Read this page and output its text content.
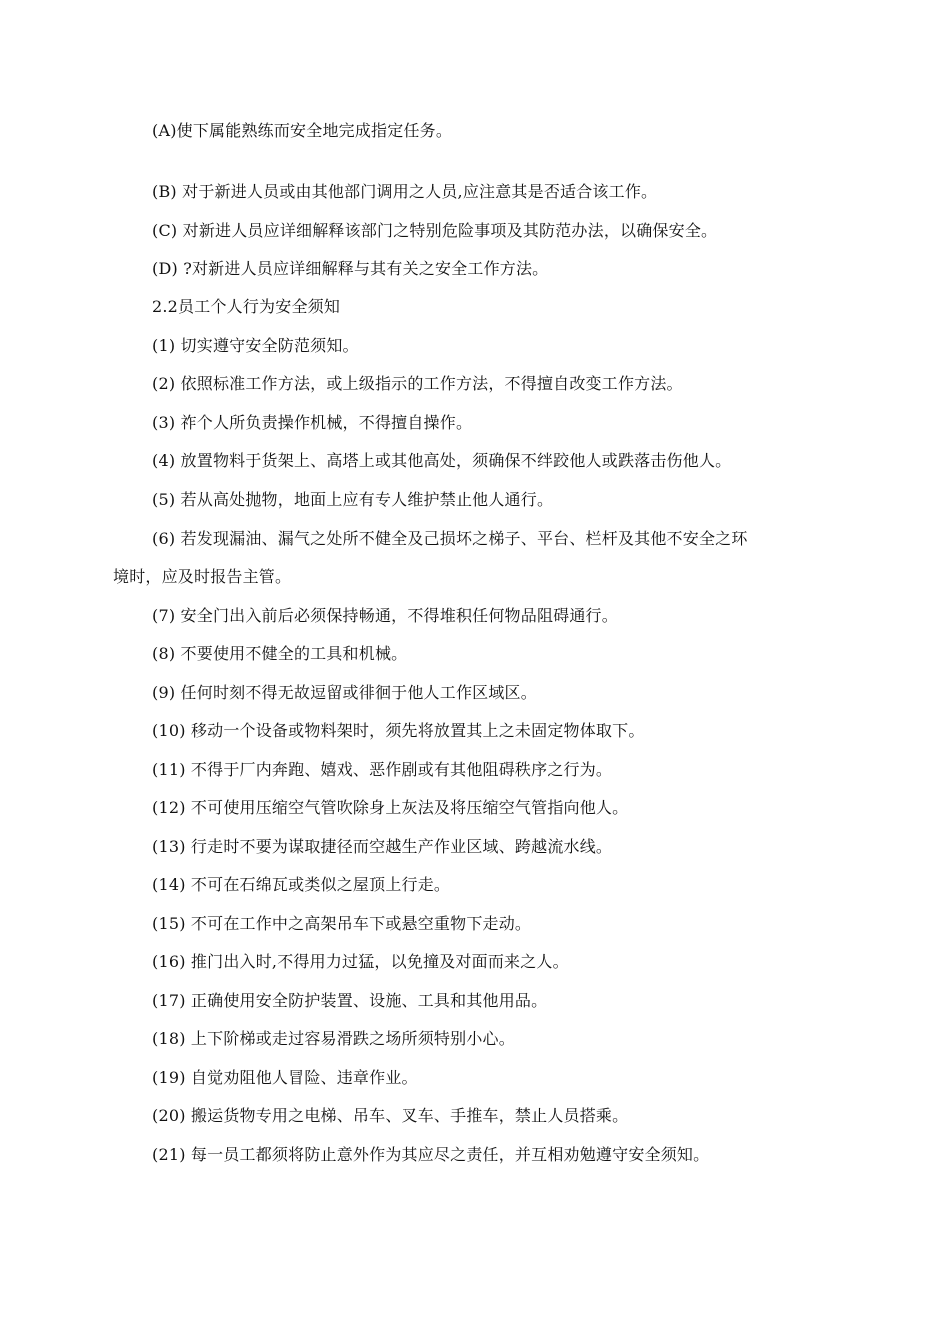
(A)使下属能熟练而安全地完成指定任务。
(B) 对于新进人员或由其他部门调用之人员,应注意其是否适合该工作。
(C) 对新进人员应详细解释该部门之特别危险事项及其防范办法，以确保安全。
(D) ?对新进人员应详细解释与其有关之安全工作方法。
2.2员工个人行为安全须知
(1) 切实遵守安全防范须知。
(2) 依照标准工作方法，或上级指示的工作方法，不得擅自改变工作方法。
(3) 祚个人所负责操作机械，不得擅自操作。
(4) 放置物料于货架上、高塔上或其他高处，须确保不绊跤他人或跌落击伤他人。
(5) 若从高处抛物，地面上应有专人维护禁止他人通行。
(6) 若发现漏油、漏气之处所不健全及己损坏之梯子、平台、栏杆及其他不安全之环
境时，应及时报告主管。
(7) 安全门出入前后必须保持畅通，不得堆积任何物品阻碍通行。
(8) 不要使用不健全的工具和机械。
(9) 任何时刻不得无故逗留或徘徊于他人工作区域区。
(10) 移动一个设备或物料架时，须先将放置其上之未固定物体取下。
(11) 不得于厂内奔跑、嬉戏、恶作剧或有其他阻碍秩序之行为。
(12) 不可使用压缩空气管吹除身上灰法及将压缩空气管指向他人。
(13) 行走时不要为谋取捷径而空越生产作业区域、跨越流水线。
(14) 不可在石绵瓦或类似之屋顶上行走。
(15) 不可在工作中之高架吊车下或悬空重物下走动。
(16) 推门出入时,不得用力过猛，以免撞及对面而来之人。
(17) 正确使用安全防护装置、设施、工具和其他用品。
(18) 上下阶梯或走过容易滑跌之场所须特别小心。
(19) 自觉劝阻他人冒险、违章作业。
(20) 搬运货物专用之电梯、吊车、叉车、手推车，禁止人员搭乘。
(21) 每一员工都须将防止意外作为其应尽之责任，并互相劝勉遵守安全须知。
